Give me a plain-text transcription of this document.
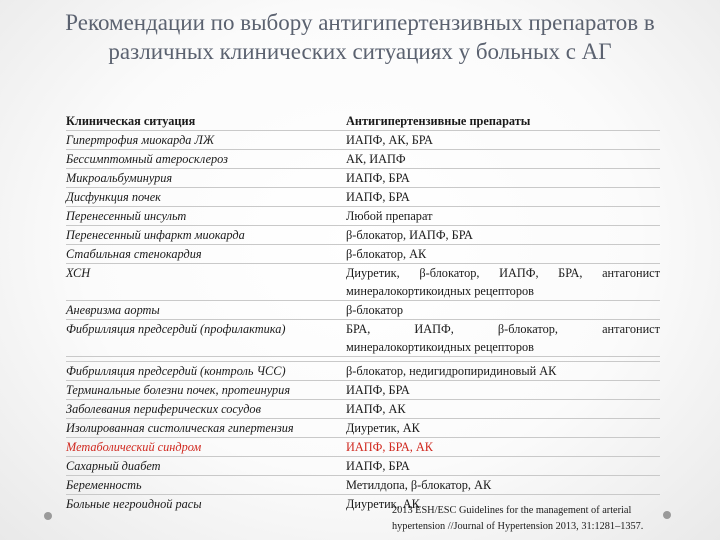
Рекомендации по выбору антигипертензивных препаратов в различных клинических ситуациях у больных с АГ
Клиническая ситуация	Антигипертензивные препараты
Гипертрофия миокарда ЛЖ	ИАПФ, АК, БРА
Бессимптомный атеросклероз	АК, ИАПФ
Микроальбуминурия	ИАПФ, БРА
Дисфункция почек	ИАПФ, БРА
Перенесенный инсульт	Любой препарат
Перенесенный инфаркт миокарда	β-блокатор, ИАПФ, БРА
Стабильная стенокардия	β-блокатор, АК
ХСН	Диуретик, β-блокатор, ИАПФ, БРА, антагонист минералокортикоидных рецепторов
Аневризма аорты	β-блокатор
Фибрилляция предсердий (профилактика)	БРА, ИАПФ, β-блокатор, антагонист минералокортикоидных рецепторов
Фибрилляция предсердий (контроль ЧСС)	β-блокатор, недигидропиридиновый АК
Терминальные болезни почек, протеинурия	ИАПФ, БРА
Заболевания периферических сосудов	ИАПФ, АК
Изолированная систолическая гипертензия	Диуретик, АК
Метаболический синдром	ИАПФ, БРА, АК
Сахарный диабет	ИАПФ, БРА
Беременность	Метилдопа, β-блокатор, АК
Больные негроидной расы	Диуретик, АК
2013 ESH/ESC Guidelines for the management of arterial hypertension //Journal of Hypertension 2013, 31:1281–1357.
